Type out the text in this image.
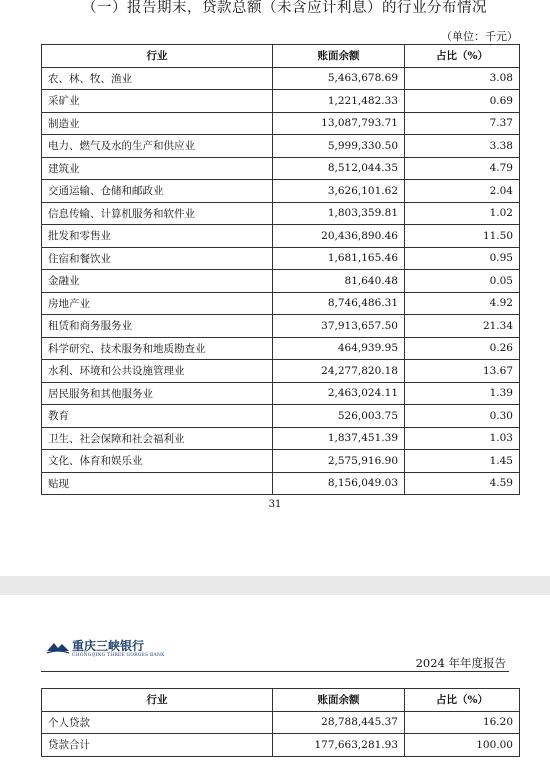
（一）报告期末，贷款总额（未含应计利息）的行业分布情况
（单位：千元）
行业	账面余额	占比（%）
农、林、牧、渔业	5,463,678.69	3.08
采矿业	1,221,482.33	0.69
制造业	13,087,793.71	7.37
电力、燃气及水的生产和供应业	5,999,330.50	3.38
建筑业	8,512,044.35	4.79
交通运输、仓储和邮政业	3,626,101.62	2.04
信息传输、计算机服务和软件业	1,803,359.81	1.02
批发和零售业	20,436,890.46	11.50
住宿和餐饮业	1,681,165.46	0.95
金融业	81,640.48	0.05
房地产业	8,746,486.31	4.92
租赁和商务服务业	37,913,657.50	21.34
科学研究、技术服务和地质勘查业	464,939.95	0.26
水利、环境和公共设施管理业	24,277,820.18	13.67
居民服务和其他服务业	2,463,024.11	1.39
教育	526,003.75	0.30
卫生、社会保障和社会福利业	1,837,451.39	1.03
文化、体育和娱乐业	2,575,916.90	1.45
贴现	8,156,049.03	4.59
31
重庆三峡银行
CHONGQING THREE GORGES BANK
2024 年年度报告
行业	账面余额	占比（%）
个人贷款	28,788,445.37	16.20
贷款合计	177,663,281.93	100.00
